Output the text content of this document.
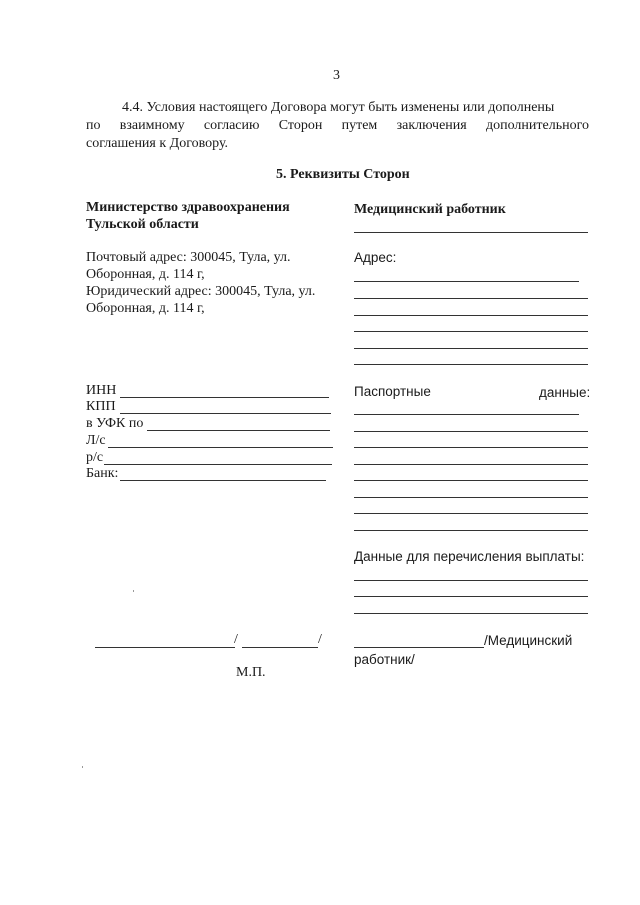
3
4.4. Условия настоящего Договора могут быть изменены или дополнены
по взаимному согласию Сторон путем заключения дополнительного
соглашения к Договору.
5. Реквизиты Сторон
Министерство здравоохранения
Тульской области
Почтовый адрес: 300045, Тула, ул.
Оборонная, д. 114 г,
Юридический адрес: 300045, Тула, ул.
Оборонная, д. 114 г,
ИНН
КПП
в УФК по
Л/с
р/с
Банк:
/	/
М.П.
Медицинский работник
Адрес:
Паспортные	данные:
Данные для перечисления выплаты:
/Медицинский
работник/
